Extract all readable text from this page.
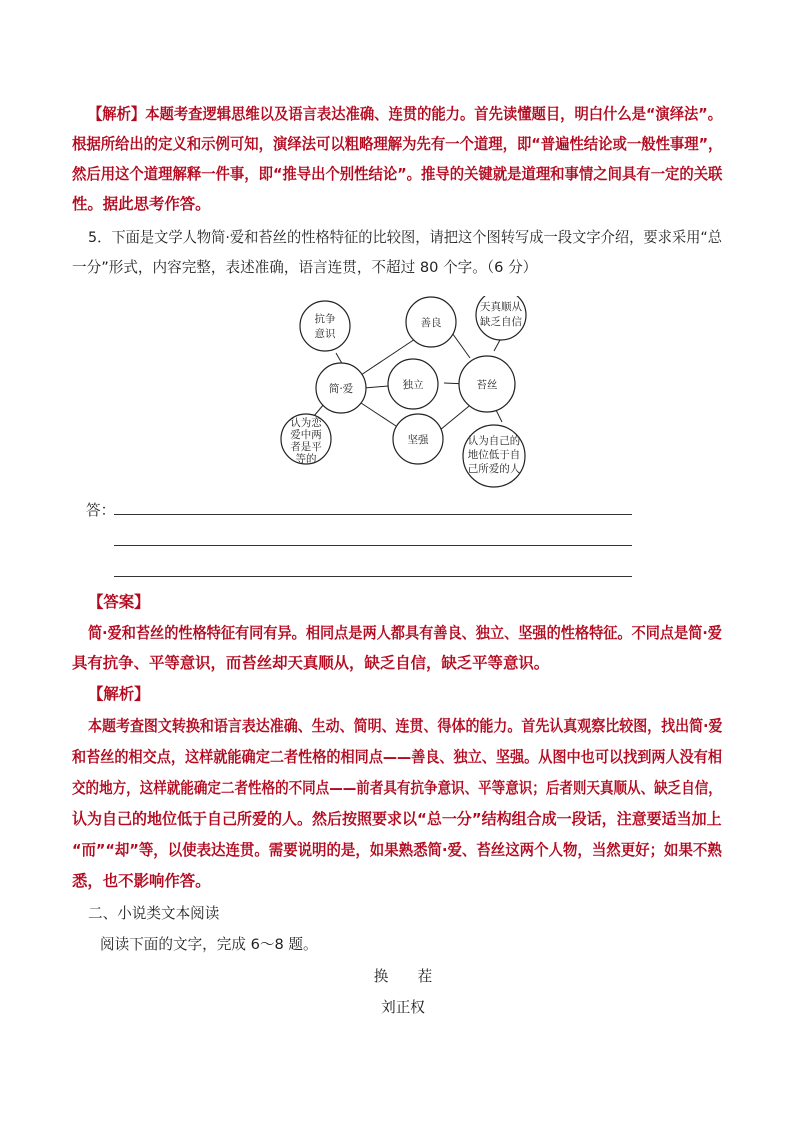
【解析】本题考查逻辑思维以及语言表达准确、连贯的能力。首先读懂题目，明白什么是“演绎法”。
根据所给出的定义和示例可知，演绎法可以粗略理解为先有一个道理，即“普遍性结论或一般性事理”，
然后用这个道理解释一件事，即“推导出个别性结论”。推导的关键就是道理和事情之间具有一定的关联
性。据此思考作答。
5．下面是文学人物简·爱和苔丝的性格特征的比较图，请把这个图转写成一段文字介绍，要求采用“总
一分”形式，内容完整，表述准确，语言连贯，不超过 80 个字。（6 分）
抗争
意识
善良
天真顺从
缺乏自信
简·爱	独立	苔丝
认为恋
爱中两
者是平
等的
坚强	认为自己的
地位低于自
己所爱的人
答：
【答案】
简·爱和苔丝的性格特征有同有异。相同点是两人都具有善良、独立、坚强的性格特征。不同点是简·爱
具有抗争、平等意识，而苔丝却天真顺从，缺乏自信，缺乏平等意识。
【解析】
本题考查图文转换和语言表达准确、生动、简明、连贯、得体的能力。首先认真观察比较图，找出简·爱
和苔丝的相交点，这样就能确定二者性格的相同点——善良、独立、坚强。从图中也可以找到两人没有相
交的地方，这样就能确定二者性格的不同点——前者具有抗争意识、平等意识；后者则天真顺从、缺乏自信，
认为自己的地位低于自己所爱的人。然后按照要求以“总一分”结构组合成一段话，注意要适当加上
“而”“却”等，以使表达连贯。需要说明的是，如果熟悉简·爱、苔丝这两个人物，当然更好；如果不熟
悉，也不影响作答。
二、小说类文本阅读
阅读下面的文字，完成 6～8 题。
换　　茬
刘正权
